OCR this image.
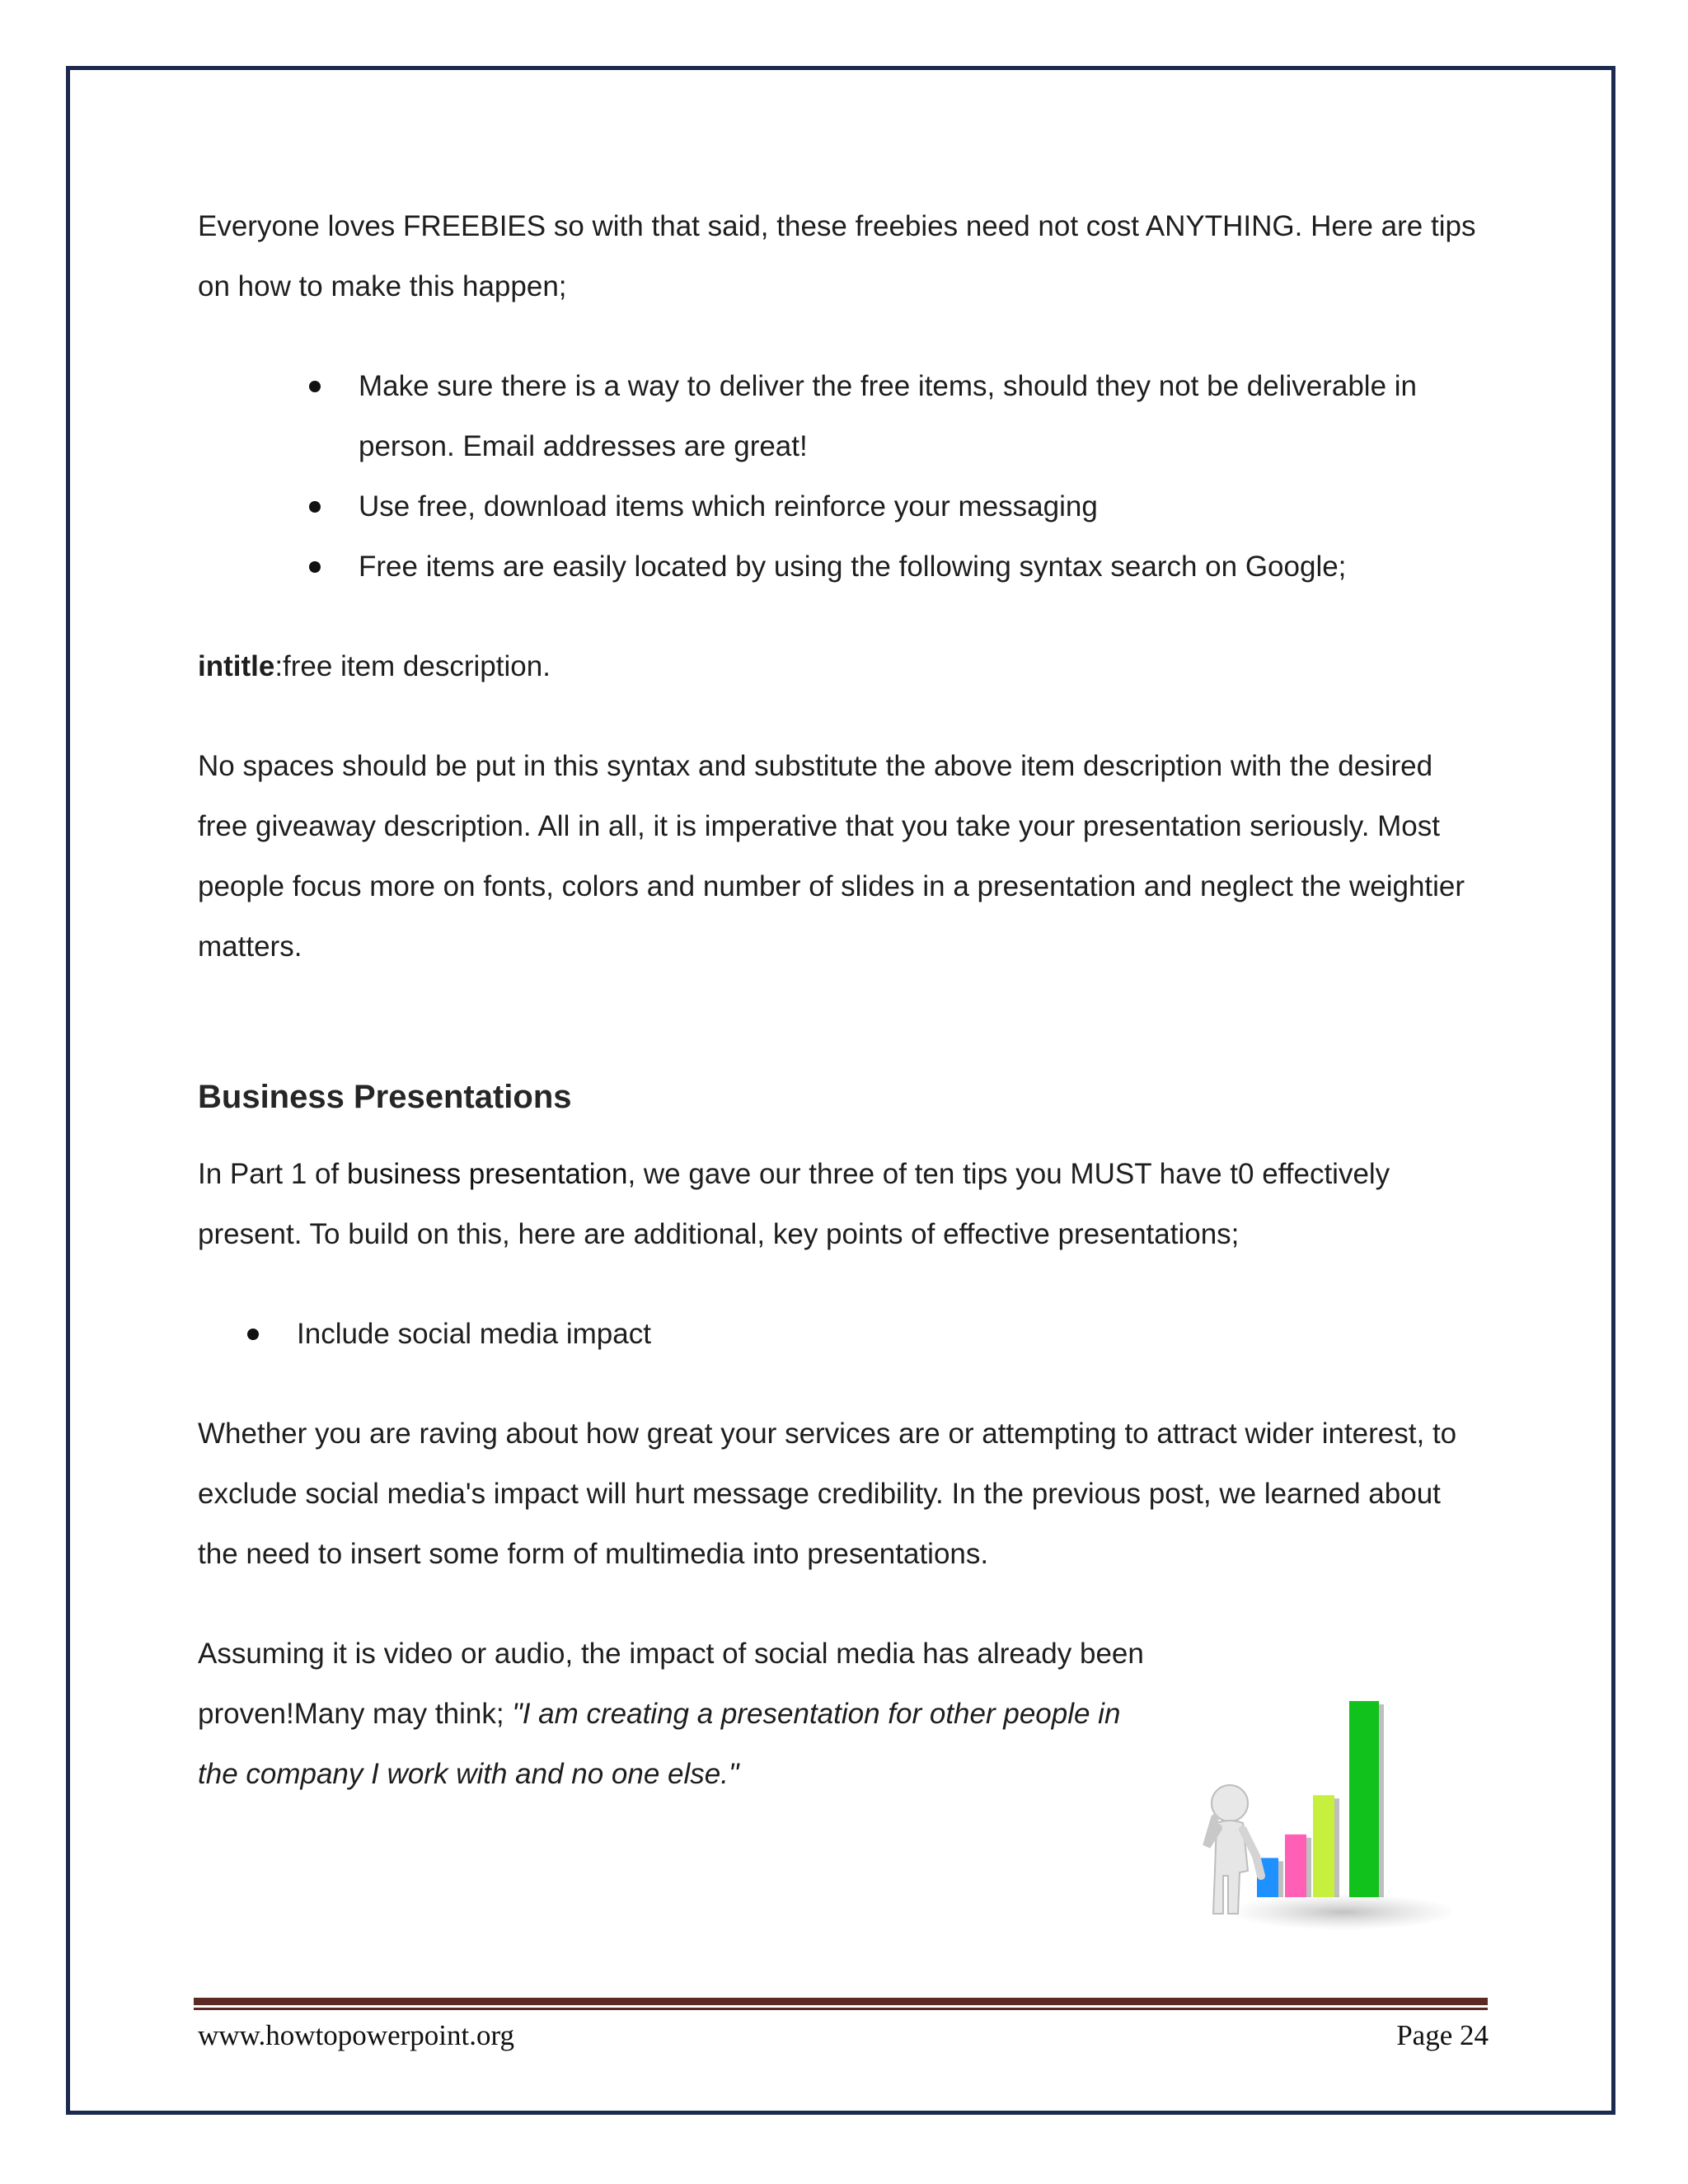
Everyone loves FREEBIES so with that said, these freebies need not cost ANYTHING. Here are tips on how to make this happen;

Make sure there is a way to deliver the free items, should they not be deliverable in person. Email addresses are great!
Use free, download items which reinforce your messaging
Free items are easily located by using the following syntax search on Google;

intitle:free item description.

No spaces should be put in this syntax and substitute the above item description with the desired free giveaway description. All in all, it is imperative that you take your presentation seriously. Most people focus more on fonts, colors and number of slides in a presentation and neglect the weightier matters.

Business Presentations

In Part 1 of business presentation, we gave our three of ten tips you MUST have t0 effectively present. To build on this, here are additional, key points of effective presentations;

Include social media impact

Whether you are raving about how great your services are or attempting to attract wider interest, to exclude social media's impact will hurt message credibility. In the previous post, we learned about the need to insert some form of multimedia into presentations.

Assuming it is video or audio, the impact of social media has already been proven!Many may think; "I am creating a presentation for other people in the company I work with and no one else."

www.howtopowerpoint.org	Page 24
